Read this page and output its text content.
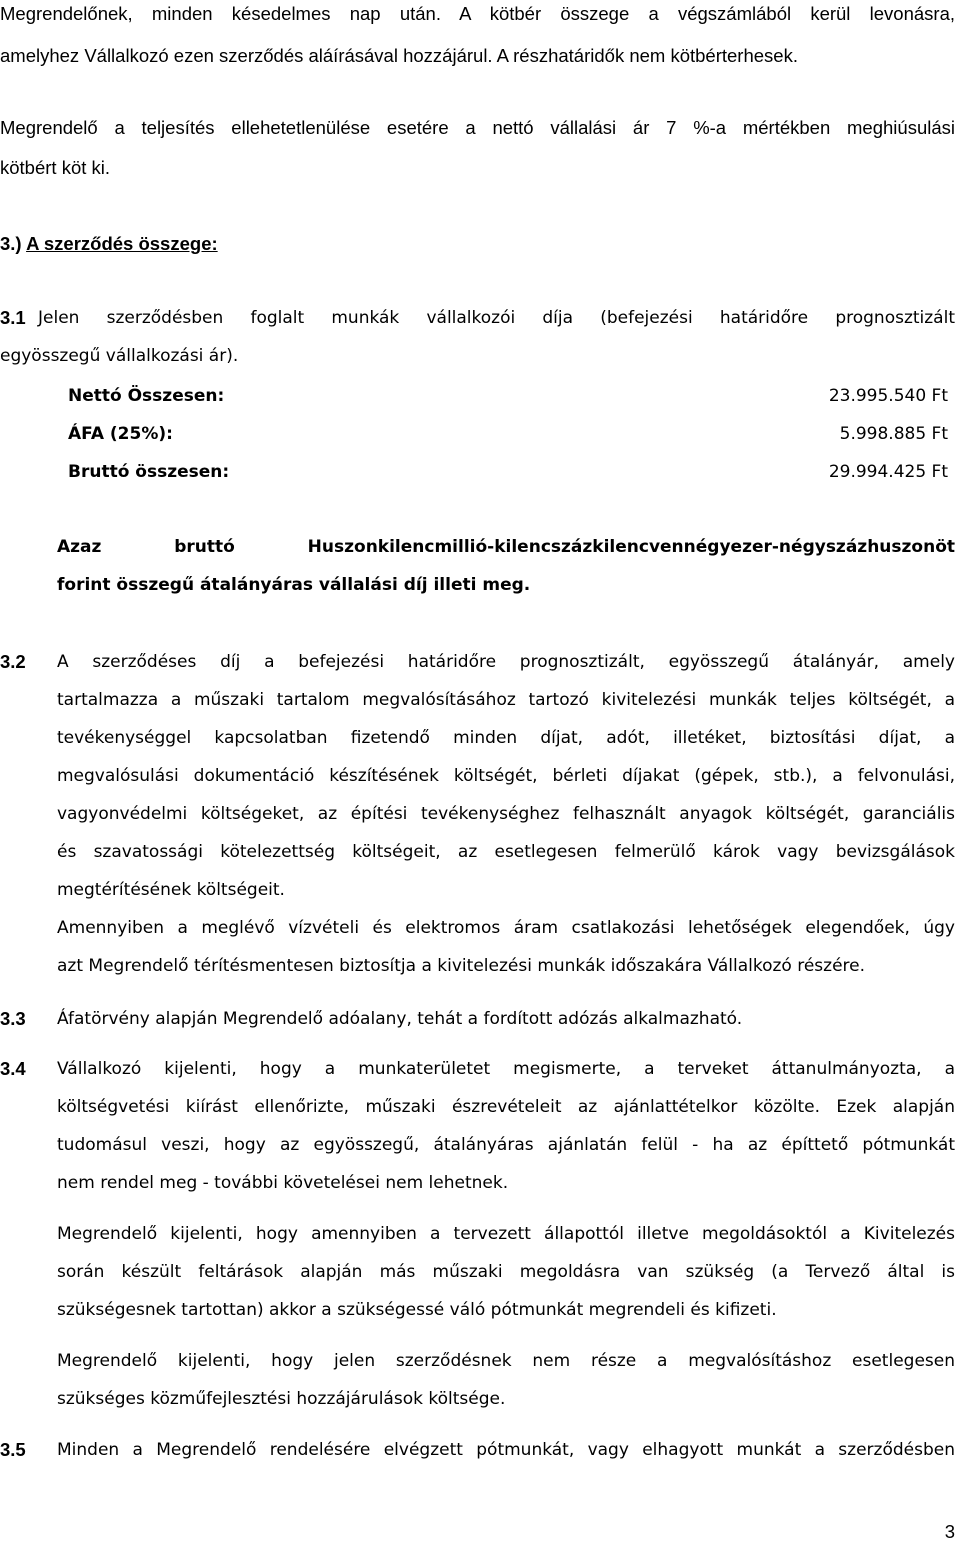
Megrendelőnek, minden késedelmes nap után. A kötbér összege a végszámlából kerül levonásra,
amelyhez Vállalkozó ezen szerződés aláírásával hozzájárul. A részhatáridők nem kötbérterhesek.
Megrendelő a teljesítés ellehetetlenülése esetére a nettó vállalási ár 7 %-a mértékben meghiúsulási
kötbért köt ki.
3.) A szerződés összege:
3.1 Jelen szerződésben foglalt munkák vállalkozói díja (befejezési határidőre prognosztizált
egyösszegű vállalkozási ár).
Nettó Összesen:	23.995.540 Ft
ÁFA (25%):	5.998.885 Ft
Bruttó összesen:	29.994.425 Ft
Azaz bruttó Huszonkilencmillió-kilencszázkilencvennégyezer-négyszázhuszonöt
forint összegű átalányáras vállalási díj illeti meg.
3.2 A szerződéses díj a befejezési határidőre prognosztizált, egyösszegű átalányár, amely
tartalmazza a műszaki tartalom megvalósításához tartozó kivitelezési munkák teljes költségét, a
tevékenységgel kapcsolatban fizetendő minden díjat, adót, illetéket, biztosítási díjat, a
megvalósulási dokumentáció készítésének költségét, bérleti díjakat (gépek, stb.), a felvonulási,
vagyonvédelmi költségeket, az építési tevékenységhez felhasznált anyagok költségét, garanciális
és szavatossági kötelezettség költségeit, az esetlegesen felmerülő károk vagy bevizsgálások
megtérítésének költségeit.
Amennyiben a meglévő vízvételi és elektromos áram csatlakozási lehetőségek elegendőek, úgy
azt Megrendelő térítésmentesen biztosítja a kivitelezési munkák időszakára Vállalkozó részére.
3.3 Áfatörvény alapján Megrendelő adóalany, tehát a fordított adózás alkalmazható.
3.4 Vállalkozó kijelenti, hogy a munkaterületet megismerte, a terveket áttanulmányozta, a
költségvetési kiírást ellenőrizte, műszaki észrevételeit az ajánlattételkor közölte. Ezek alapján
tudomásul veszi, hogy az egyösszegű, átalányáras ajánlatán felül - ha az építtető pótmunkát
nem rendel meg - további követelései nem lehetnek.
Megrendelő kijelenti, hogy amennyiben a tervezett állapottól illetve megoldásoktól a Kivitelezés
során készült feltárások alapján más műszaki megoldásra van szükség (a Tervező által is
szükségesnek tartottan) akkor a szükségessé váló pótmunkát megrendeli és kifizeti.
Megrendelő kijelenti, hogy jelen szerződésnek nem része a megvalósításhoz esetlegesen
szükséges közműfejlesztési hozzájárulások költsége.
3.5 Minden a Megrendelő rendelésére elvégzett pótmunkát, vagy elhagyott munkát a szerződésben
3
